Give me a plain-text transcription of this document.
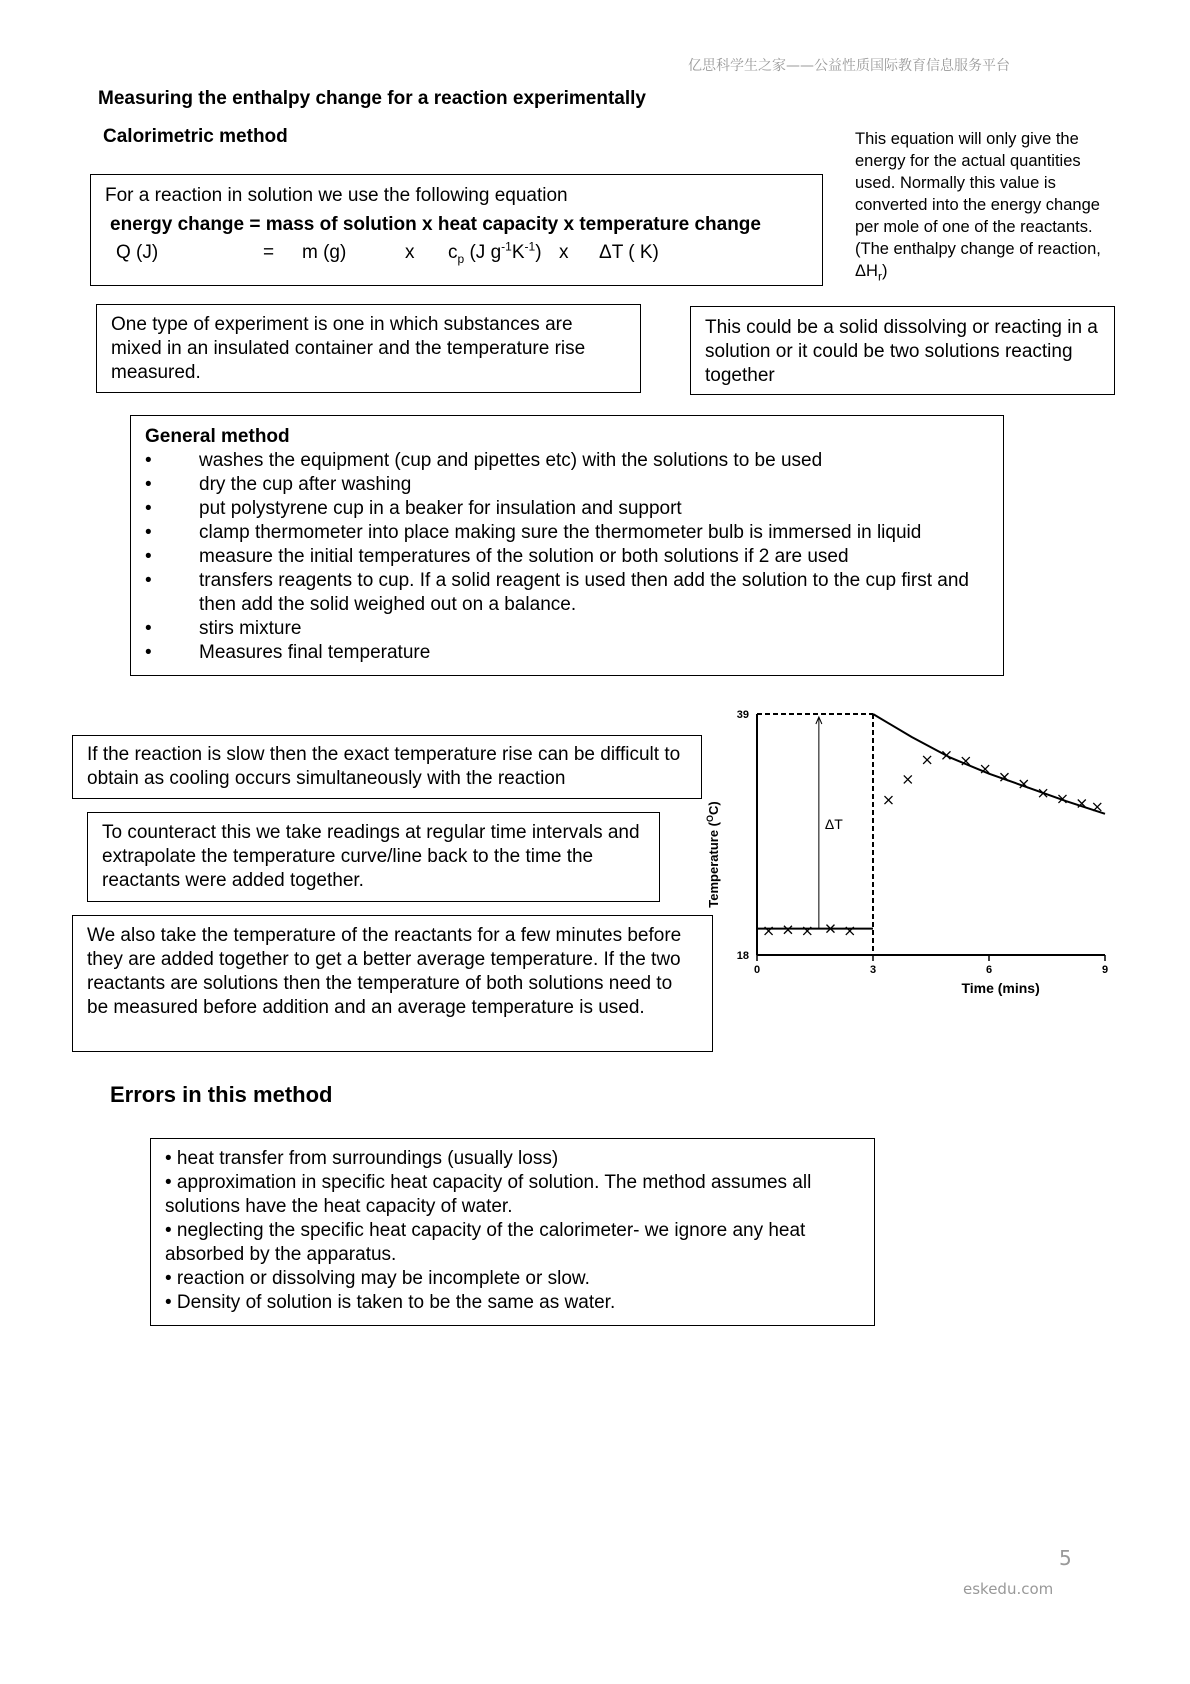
亿思科学生之家——公益性质国际教育信息服务平台
Measuring the enthalpy change for a reaction experimentally
Calorimetric method	This equation will only give the energy for the actual quantities used. Normally this value is converted into the energy change per mole of one of the reactants. (The enthalpy change of reaction, $\Delta H_r$)
For a reaction in solution we use the following equation
energy change = mass of solution x heat capacity x temperature change
Q (J)	= m (g)	x $c_p$ (J $g^{-1}K^{-1}$) x ΔT ( K)
One type of experiment is one in which substances are mixed in an insulated container and the temperature rise measured.
This could be a solid dissolving or reacting in a solution or it could be two solutions reacting together
General method
• washes the equipment (cup and pipettes etc) with the solutions to be used
• dry the cup after washing
• put polystyrene cup in a beaker for insulation and support
• clamp thermometer into place making sure the thermometer bulb is immersed in liquid
• measure the initial temperatures of the solution or both solutions if 2 are used
• transfers reagents to cup. If a solid reagent is used then add the solution to the cup first and then add the solid weighed out on a balance.
• stirs mixture
• Measures final temperature
If the reaction is slow then the exact temperature rise can be difficult to obtain as cooling occurs simultaneously with the reaction
To counteract this we take readings at regular time intervals and extrapolate the temperature curve/line back to the time the reactants were added together.
We also take the temperature of the reactants for a few minutes before they are added together to get a better average temperature. If the two reactants are solutions then the temperature of both solutions need to be measured before addition and an average temperature is used.
0	3	6	9
39
18
ΔT
Time (mins)
Temperature ($^O$C)
Errors in this method
• heat transfer from surroundings (usually loss)
• approximation in specific heat capacity of solution. The method assumes all solutions have the heat capacity of water.
• neglecting the specific heat capacity of the calorimeter- we ignore any heat absorbed by the apparatus.
• reaction or dissolving may be incomplete or slow.
• Density of solution is taken to be the same as water.
5
eskedu.com
